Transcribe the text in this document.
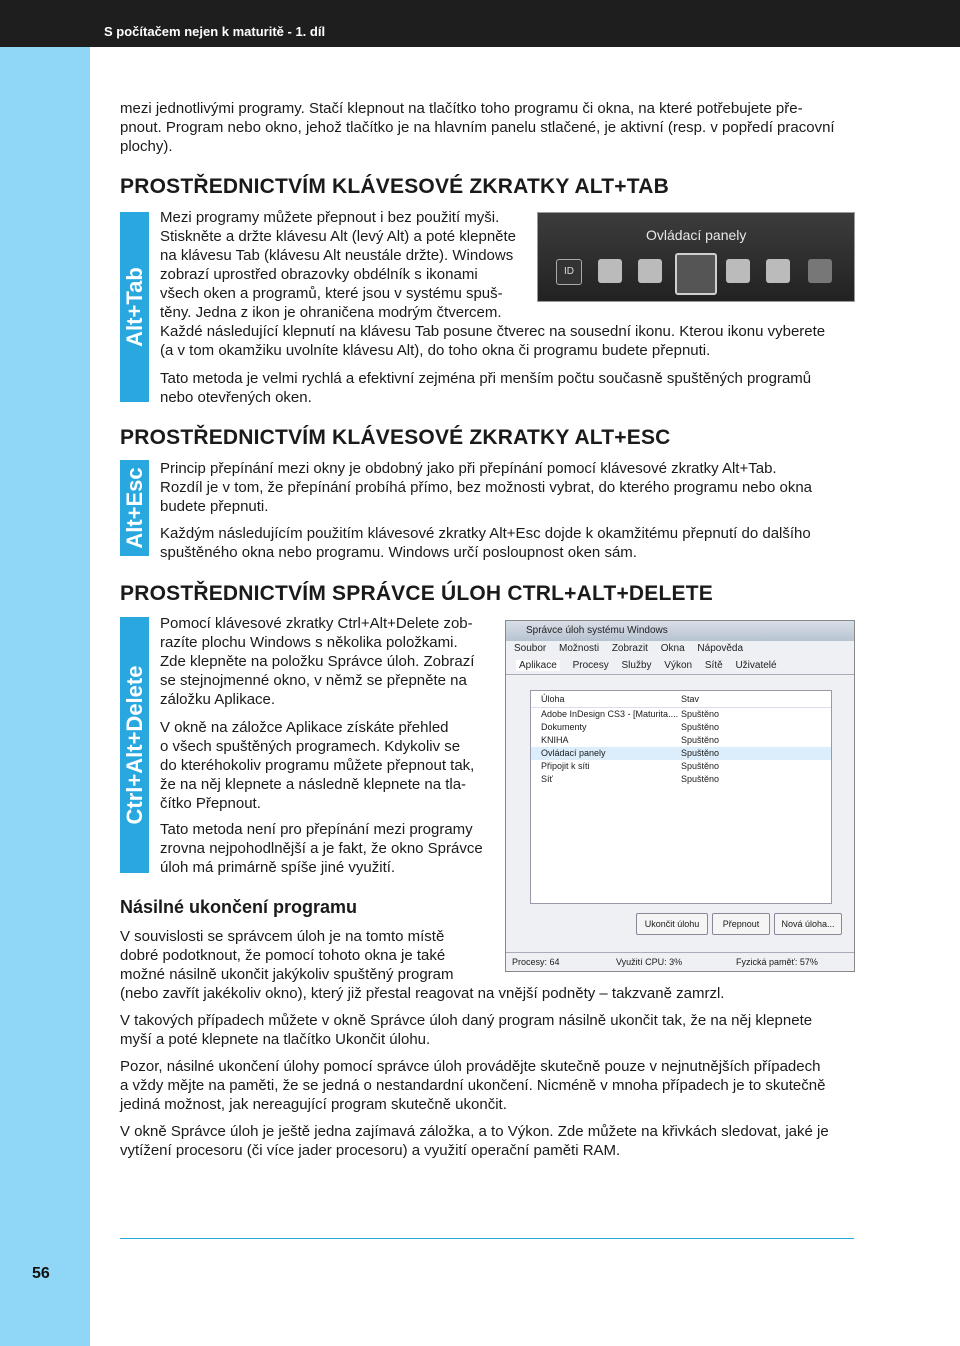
S počítačem nejen k maturitě - 1. díl
56

mezi jednotlivými programy. Stačí klepnout na tlačítko toho programu či okna, na které potřebujete pře-
pnout. Program nebo okno, jehož tlačítko je na hlavním panelu stlačené, je aktivní (resp. v popředí pracovní
plochy).

PROSTŘEDNICTVÍM KLÁVESOVÉ ZKRATKY ALT+TAB
Alt+Tab

Mezi programy můžete přepnout i bez použití myši.
Stiskněte a držte klávesu Alt (levý Alt) a poté klepněte
na klávesu Tab (klávesu Alt neustále držte). Windows
zobrazí uprostřed obrazovky obdélník s ikonami
všech oken a programů, které jsou v systému spuš-
těny. Jedna z ikon je ohraničena modrým čtvercem.

Každé následující klepnutí na klávesu Tab posune čtverec na sousední ikonu. Kterou ikonu vyberete
(a v tom okamžiku uvolníte klávesu Alt), do toho okna či programu budete přepnuti.

Tato metoda je velmi rychlá a efektivní zejména při menším počtu současně spuštěných programů
nebo otevřených oken.

Ovládací panely
ID
PROSTŘEDNICTVÍM KLÁVESOVÉ ZKRATKY ALT+ESC
Alt+Esc Princip přepínání mezi okny je obdobný jako při přepínání pomocí klávesové zkratky Alt+Tab.
Rozdíl je v tom, že přepínání probíhá přímo, bez možnosti vybrat, do kterého programu nebo okna
budete přepnuti.

Každým následujícím použitím klávesové zkratky Alt+Esc dojde k okamžitému přepnutí do dalšího
spuštěného okna nebo programu. Windows určí posloupnost oken sám.

PROSTŘEDNICTVÍM SPRÁVCE ÚLOH CTRL+ALT+DELETE
Ctrl+Alt+Delete

Pomocí klávesové zkratky Ctrl+Alt+Delete zob-
razíte plochu Windows s několika položkami.
Zde klepněte na položku Správce úloh. Zobrazí
se stejnojmenné okno, v němž se přepněte na
záložku Aplikace.

V okně na záložce Aplikace získáte přehled
o všech spuštěných programech. Kdykoliv se
do kteréhokoliv programu můžete přepnout tak,
že na něj klepnete a následně klepnete na tla-
čítko Přepnout.

Tato metoda není pro přepínání mezi programy
zrovna nejpohodlnější a je fakt, že okno Správce
úloh má primárně spíše jiné využití.

Správce úloh systému Windows
Soubor Možnosti Zobrazit Okna Nápověda
Aplikace Procesy Služby Výkon Sítě Uživatelé
Úloha	Stav
Adobe InDesign CS3 - [Maturita.... Spuštěno
Dokumenty	Spuštěno
KNIHA	Spuštěno
Ovládací panely	Spuštěno
Připojit k síti	Spuštěno
Síť	Spuštěno
Ukončit úlohu	Přepnout	Nová úloha...
Procesy: 64	Využití CPU: 3%	Fyzická paměť: 57%
Násilné ukončení programu

V souvislosti se správcem úloh je na tomto místě
dobré podotknout, že pomocí tohoto okna je také
možné násilně ukončit jakýkoliv spuštěný program

(nebo zavřít jakékoliv okno), který již přestal reagovat na vnější podněty – takzvaně zamrzl.

V takových případech můžete v okně Správce úloh daný program násilně ukončit tak, že na něj klepnete
myší a poté klepnete na tlačítko Ukončit úlohu.

Pozor, násilné ukončení úlohy pomocí správce úloh provádějte skutečně pouze v nejnutnějších případech
a vždy mějte na paměti, že se jedná o nestandardní ukončení. Nicméně v mnoha případech je to skutečně
jediná možnost, jak nereagující program skutečně ukončit.

V okně Správce úloh je ještě jedna zajímavá záložka, a to Výkon. Zde můžete na křivkách sledovat, jaké je
vytížení procesoru (či více jader procesoru) a využití operační paměti RAM.
